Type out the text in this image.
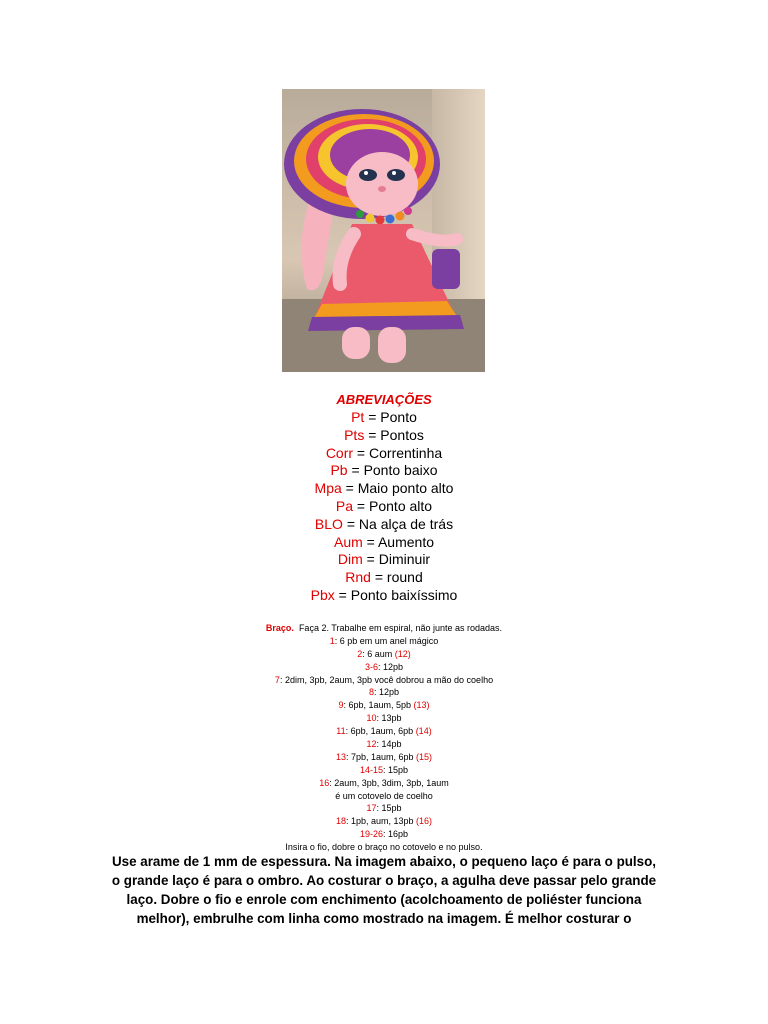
ABREVIAÇÕES
Pt = Ponto
Pts = Pontos
Corr = Correntinha
Pb = Ponto baixo
Mpa = Maio ponto alto
Pa = Ponto alto
BLO = Na alça de trás
Aum = Aumento
Dim = Diminuir
Rnd = round
Pbx = Ponto baixíssimo
Braço.  Faça 2. Trabalhe em espiral, não junte as rodadas.
1: 6 pb em um anel mágico
2: 6 aum (12)
3-6: 12pb
7: 2dim, 3pb, 2aum, 3pb você dobrou a mão do coelho
8: 12pb
9: 6pb, 1aum, 5pb (13)
10: 13pb
11: 6pb, 1aum, 6pb (14)
12: 14pb
13: 7pb, 1aum, 6pb (15)
14-15: 15pb
16: 2aum, 3pb, 3dim, 3pb, 1aum
é um cotovelo de coelho
17: 15pb
18: 1pb, aum, 13pb (16)
19-26: 16pb
Insira o fio, dobre o braço no cotovelo e no pulso.
Use arame de 1 mm de espessura. Na imagem abaixo, o pequeno laço é para o pulso,
o grande laço é para o ombro. Ao costurar o braço, a agulha deve passar pelo grande
laço. Dobre o fio e enrole com enchimento (acolchoamento de poliéster funciona
melhor), embrulhe com linha como mostrado na imagem. É melhor costurar o
